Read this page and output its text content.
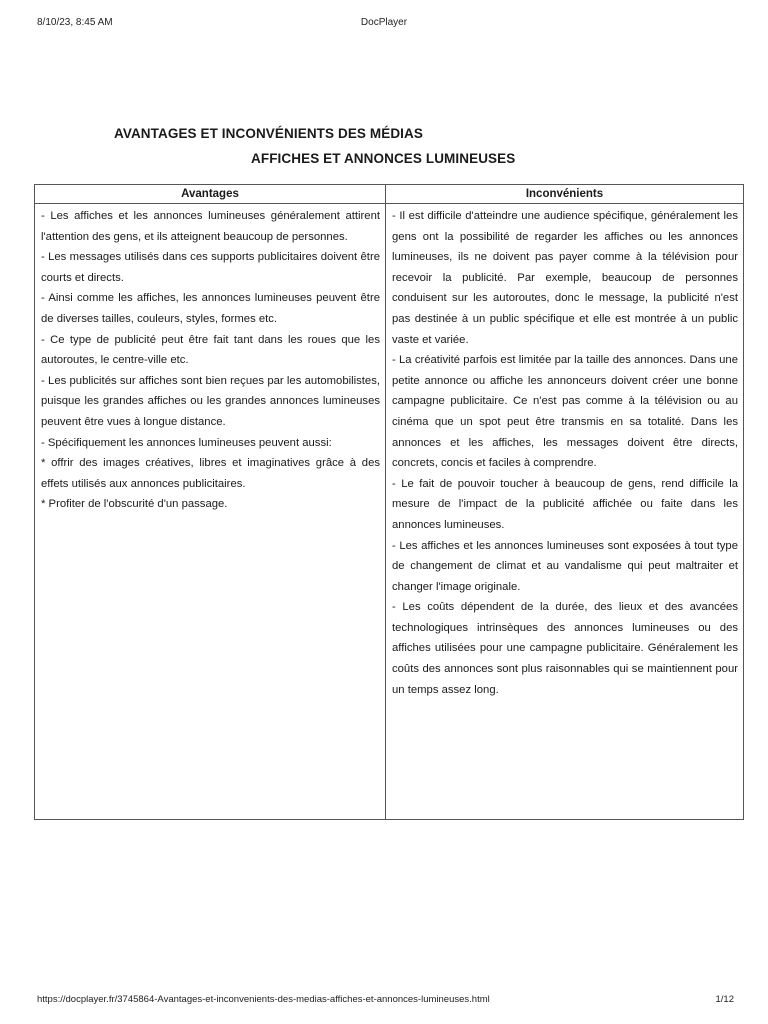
8/10/23, 8:45 AM	DocPlayer
AVANTAGES ET INCONVÉNIENTS DES MÉDIAS
AFFICHES ET ANNONCES LUMINEUSES
Avantages

- Les affiches et les annonces lumineuses généralement attirent l'attention des gens, et ils atteignent beaucoup de personnes.

- Les messages utilisés dans ces supports publicitaires doivent être courts et directs.

- Ainsi comme les affiches, les annonces lumineuses peuvent être de diverses tailles, couleurs, styles, formes etc.

- Ce type de publicité peut être fait tant dans les roues que les autoroutes, le centre-ville etc.

- Les publicités sur affiches sont bien reçues par les automobilistes, puisque les grandes affiches ou les grandes annonces lumineuses peuvent être vues à longue distance.

- Spécifiquement les annonces lumineuses peuvent aussi:

* offrir des images créatives, libres et imaginatives grâce à des effets utilisés aux annonces publicitaires.

* Profiter de l'obscurité d'un passage.

Inconvénients

- Il est difficile d'atteindre une audience spécifique, généralement les gens ont la possibilité de regarder les affiches ou les annonces lumineuses, ils ne doivent pas payer comme à la télévision pour recevoir la publicité. Par exemple, beaucoup de personnes conduisent sur les autoroutes, donc le message, la publicité n'est pas destinée à un public spécifique et elle est montrée à un public vaste et variée.

- La créativité parfois est limitée par la taille des annonces. Dans une petite annonce ou affiche les annonceurs doivent créer une bonne campagne publicitaire. Ce n'est pas comme à la télévision ou au cinéma que un spot peut être transmis en sa totalité. Dans les annonces et les affiches, les messages doivent être directs, concrets, concis et faciles à comprendre.

- Le fait de pouvoir toucher à beaucoup de gens, rend difficile la mesure de l'impact de la publicité affichée ou faite dans les annonces lumineuses.

- Les affiches et les annonces lumineuses sont exposées à tout type de changement de climat et au vandalisme qui peut maltraiter et changer l'image originale.

- Les coûts dépendent de la durée, des lieux et des avancées technologiques intrinsèques des annonces lumineuses ou des affiches utilisées pour une campagne publicitaire. Généralement les coûts des annonces sont plus raisonnables qui se maintiennent pour un temps assez long.

https://docplayer.fr/3745864-Avantages-et-inconvenients-des-medias-affiches-et-annonces-lumineuses.html	1/12
